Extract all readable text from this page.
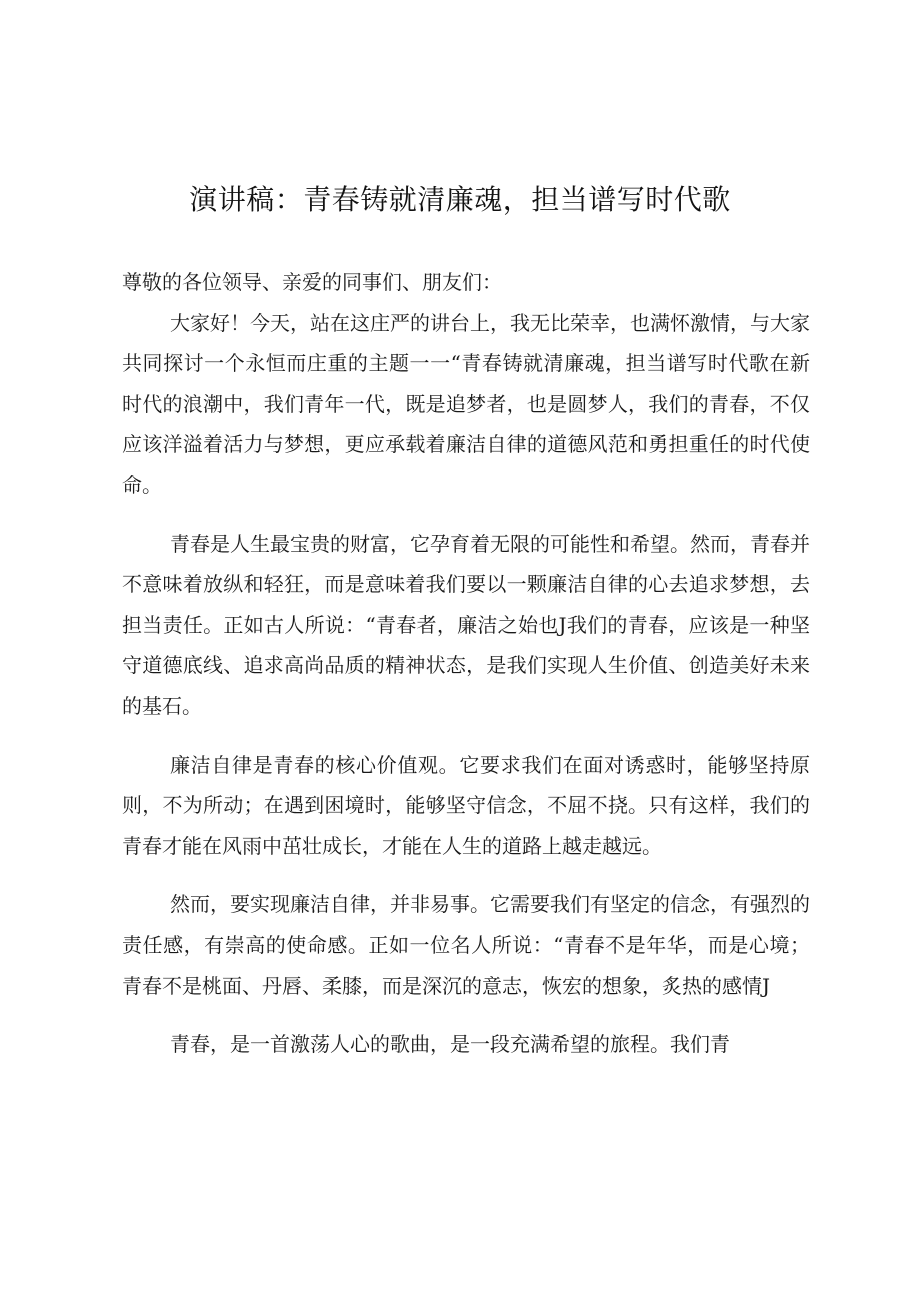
演讲稿：青春铸就清廉魂，担当谱写时代歌

尊敬的各位领导、亲爱的同事们、朋友们：

大家好！今天，站在这庄严的讲台上，我无比荣幸，也满怀激情，与大家共同探讨一个永恒而庄重的主题一一“青春铸就清廉魂，担当谱写时代歌在新时代的浪潮中，我们青年一代，既是追梦者，也是圆梦人，我们的青春，不仅应该洋溢着活力与梦想，更应承载着廉洁自律的道德风范和勇担重任的时代使命。

青春是人生最宝贵的财富，它孕育着无限的可能性和希望。然而，青春并不意味着放纵和轻狂，而是意味着我们要以一颗廉洁自律的心去追求梦想，去担当责任。正如古人所说：“青春者，廉洁之始也J我们的青春，应该是一种坚守道德底线、追求高尚品质的精神状态，是我们实现人生价值、创造美好未来的基石。

廉洁自律是青春的核心价值观。它要求我们在面对诱惑时，能够坚持原则，不为所动；在遇到困境时，能够坚守信念，不屈不挠。只有这样，我们的青春才能在风雨中茁壮成长，才能在人生的道路上越走越远。

然而，要实现廉洁自律，并非易事。它需要我们有坚定的信念，有强烈的责任感，有崇高的使命感。正如一位名人所说：“青春不是年华，而是心境；青春不是桃面、丹唇、柔膝，而是深沉的意志，恢宏的想象，炙热的感情J

青春，是一首激荡人心的歌曲，是一段充满希望的旅程。我们青
